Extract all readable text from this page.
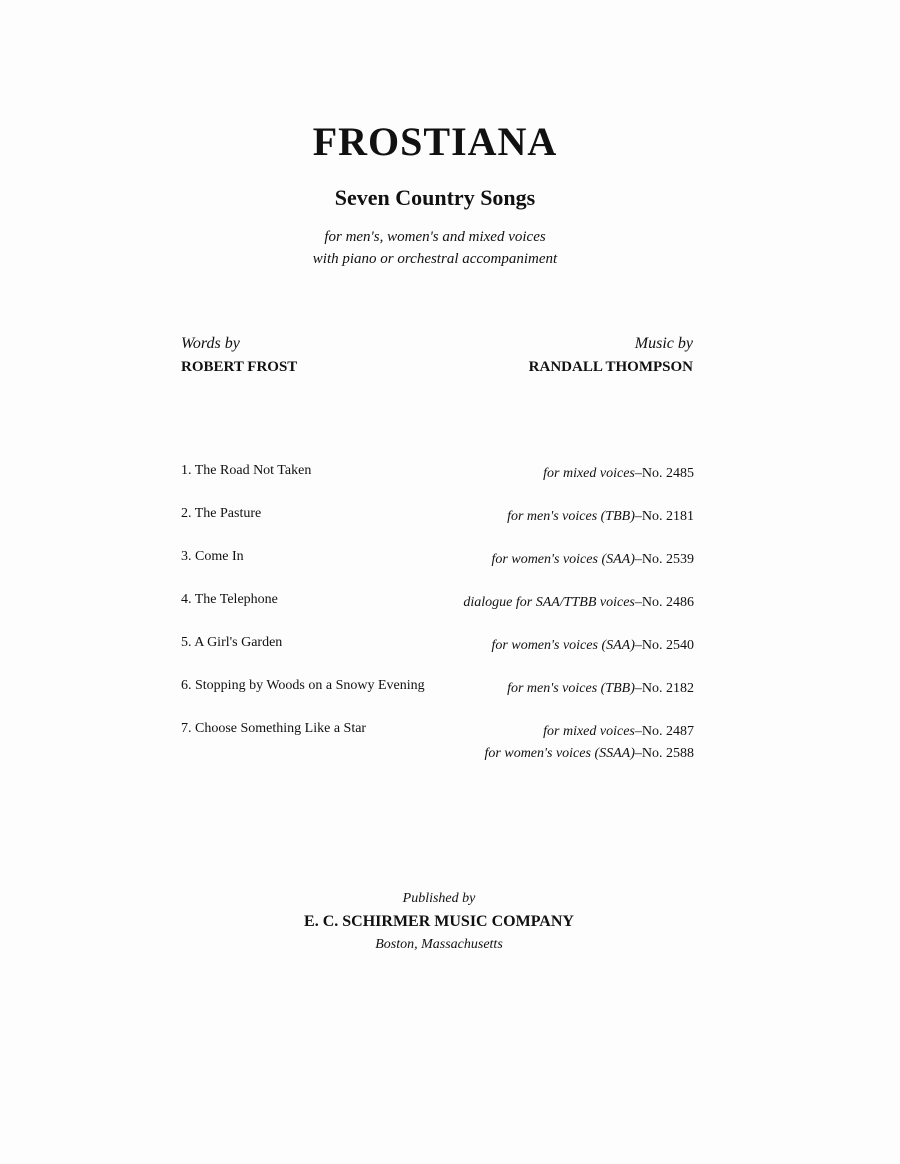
FROSTIANA
Seven Country Songs
for men's, women's and mixed voices
with piano or orchestral accompaniment
Words by
ROBERT FROST
Music by
RANDALL THOMPSON
1. The Road Not Taken	for mixed voices–No. 2485
2. The Pasture	for men's voices (TBB)–No. 2181
3. Come In	for women's voices (SAA)–No. 2539
4. The Telephone	dialogue for SAA/TTBB voices–No. 2486
5. A Girl's Garden	for women's voices (SAA)–No. 2540
6. Stopping by Woods on a Snowy Evening	for men's voices (TBB)–No. 2182
7. Choose Something Like a Star	for mixed voices–No. 2487
for women's voices (SSAA)–No. 2588
Published by
E. C. SCHIRMER MUSIC COMPANY
Boston, Massachusetts
